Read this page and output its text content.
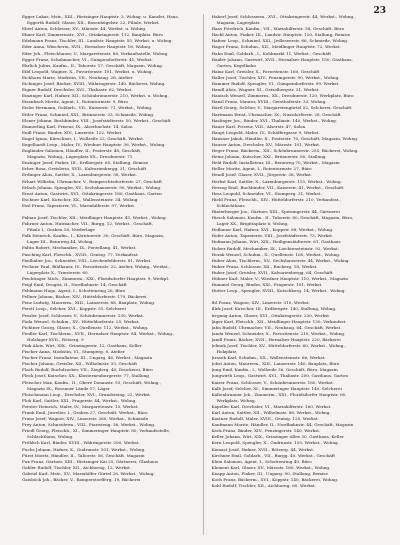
23
Egger Lukas, Mstr., XIII., Hietzinger Hauptstr. 3, Wohng. u. Kanzlei; Haus,
Eggerth Rudolf, Glaser, XII., Rosenhügelstr. 22, Filiale, Werkst.
Eberl Anton, Schlosser, XV., Märzstr. 44, Werkst. u. Wohng.
Ebner Karl, Zimmermstr., XVI., Ottakringerstr. 112, Bauplatz, Büro
Edelmann Franz, Tischler, III., Landstr. Hauptstr. 55, Werkst. u. Wohng.
Eder Anna, Wäscherin, XVII., Hernalser Hauptstr. 18, Wohng.
Eder Joh., Fleischhauer, V., Margaretenstr. 88, Verkaufsstelle, Wohng.
Egger Franz, Schuhmacher, VI., Gumpendorferstr. 41, Werkst.
Ehrlich Julius, Kaufm., II., Taborstr. 17, Geschäft, Magazin, Wohng.
Eibl Leopold, Wagner, X., Favoritenstr. 101, Werkst. u. Wohng.
Eichhorn Marie, Modistin, VII., Neubaug. 26, Atelier
Eichinger Josef, Bäcker, XVIII., Währingerstr. 140, Bäckerei, Wohng.
Eigner Rudolf, Drechsler, XVI., Thaliastr. 62, Werkst.
Einzinger Karl, Hafner, XII., Schönbrunnerstr. 210, Werkst. u. Wohng.
Eisenbach Moritz, Agent, I., Rotenturmstr. 9, Büro
Eisler Hermann, Goldarb., VII., Kaiserstr. 71, Werkst., Wohng.
Eitler Franz, Schmied, XXI., Brünnerstr. 33, Schmiede, Wohng.
Elsner Johann, Buchbinder, VIII., Josefstädterstr. 50, Werkst., Geschäft
Emmerling Karl, Friseur, IX., Alserbachstr. 14, Salon
Endl Franz, Binder, XIV., Linzerstr. 122, Werkst.
Engel Ignaz, Kürschner, I., Wollzeile 22, Geschäft, Werkst.
Engelhardt Leop., Maler, IV., Wiedner Hauptstr. 36, Werkst., Wohng.
Engländer Salomon, Händler, II., Praterstr. 48, Geschäft,
Magazin, Wohng., Lagerplatz XX., Dresdnerstr. 71
Enzinger Josef, Fiaker, III., Erdbergstr. 65, Stallung, Remise
Erber Rosa, Greislerin, XVII., Kalvarienbergg. 31, Geschäft
Erdinger Alois, Sattler, X., Laxenburgerstr. 58, Werkst.
Erhart Wilhelm, Uhrmacher, V., Reinprechtsdorferstr. 27, Geschäft
Erlach Johann, Spengler, XV., Sechshauserstr. 90, Werkst., Wohng.
Ernst Anton, Gastwirt, XVI., Ottakringerstr. 180, Gasthaus, Garten
Eschner Karl, Kutscher, XX., Wallensteinstr. 34, Wohng.
Essl Franz, Tapezierer, VI., Mariahilferstr. 97, Werkst.
Fabian Josef, Tischler, XII., Meidlinger Hauptstr. 45, Werkst., Wohng.
Fahrner Anton, Hutmacher, VII., Burgg. 12, Werkst., Geschäft,
Filiale I., Graben 18, Niederlage
Falk Heinrich, Kaufm., I., Kärntnerstr. 30, Geschäft, Büro, Magazin,
Lager III., Rennweg 44, Wohng.
Faltin Robert, Mechaniker, IX., Porzellang. 41, Werkst.
Fasching Karl, Fleischh., XVIII., Gentzg. 77, Verkaufsst.
Faulhaber Jos., Schneider, VIII., Lerchenfelderstr. 81, Werkst.
Fechner Paul, Bildhauer, IV., Favoritenstr. 22, Atelier, Wohng., Werkst.,
Lagerplatz X., Triesterstr. 60
Feichtinger Mich., Zimmerm., XXI., Floridsdorfer Hauptstr. 9, Werkpl.
Feigl Emil, Drogist, II., Nordbahnstr. 14, Geschäft
Feldmann Hugo, Agent, I., Schottenring 26, Büro
Fellner Johann, Bäcker, XIV., Hütteldorferstr. 170, Bäckerei
Fenz Ludwig, Maurerm., XIII., Lainzerstr. 88, Bauplatz, Wohng.
Ferstl Leop., Selcher, XVI., Koppstr. 51, Selcherei
Fessler Josef, Schlosser, V., Schönbrunnerstr. 130, Werkst.
Fiala Wenzel, Schuhm., XV., Hütteldorferstr. 25, Werkst.
Fichtner Georg, Glaser, X., Quellenstr. 112, Werkst., Wohng.
Fiedler Karl, Tischlerm., XVII., Hernalser Hauptstr. 84, Werkst., Wohng.,
Holzlager XVII., Rötzerg. 9
Fink Alois, Wirt, XIX., Grinzingerstr. 12, Gasthaus, Keller
Fischer Anna, Modistin, VI., Stumperg. 8, Atelier
Fischer Franz, Installateur, III., Ungarg. 46, Werkst., Magazin
Fischer Johann, Greisler, XII., Wilhelmstr. 33, Geschäft
Flach Rudolf, Buchdrucker, VII., Zieglerg. 40, Druckerei, Büro
Fleck Josef, Kutscher, XX., Klosterneuburgerstr. 77, Stallung
Fleischer Max, Kaufm., II., Obere Donaustr. 93, Geschäft, Wohng.,
Magazin IX., Rossauer Lände 17, Lager
Fleischmann Leop., Drechsler, XVI., Grundsteing. 22, Werkst.
Floh Karl, Sattler, XXI., Pragerstr. 44, Werkst., Wohng.
Forster Heinrich, Maler, IV., Margaretenstr. 15, Werkst.
Frank Emil, Juwelier, I., Graben 27, Geschäft, Werkst., Büro
Franz Josef, Wagner, XIV., Linzerstr. 260, Werkst., Schmiede
Frey Anton, Schneiderm., VIII., Piaristeng. 36, Werkst., Wohng.
Friedl Georg, Fleischh., XI., Simmeringer Hauptstr. 80, Verkaufsstelle,
Schlachthaus, Wohng.
Fröhlich Karl, Binder, XVIII., Währingerstr. 200, Werkst.
Fuchs Johann, Hafner, X., Gudrunstr. 101, Werkst., Wohng.
Fürst Moritz, Händler, II., Taborstr. 56, Geschäft, Magazin
Fux Franz, Gärtner, XIII., Hietzinger Kai 25, Gärtnerei, Glashaus
Gabler Rudolf, Tischler, XII., Aichhorng. 12, Werkst.
Gabriel Karl, Mstr., XV., Mariahilfer Gürtel 28, Werkst., Wohng.
Gaisböck Joh., Bäcker, V., Ramperstorfferg. 19, Bäckerei
Haberl Josef, Schlosserm., XVI., Ottakringerstr. 44, Werkst., Wohng.,
Magazin, Lagerplatz
Haas Friedrich, Kaufm., VII., Mariahilferstr. 58, Geschäft, Büro
Hackl Anton, Fiaker, III., Landstr. Hauptstr. 120, Stallung, Remise
Hafner Leop., Schmied, XXI., Jedleseerstr. 66, Schmiede, Wohng.
Hager Franz, Schuhm., XII., Meidlinger Hauptstr. 72, Werkst.
Hahn Emil, Goldarb., I., Kohlmarkt 11, Werkst., Geschäft
Haider Johann, Gastwirt, XVII., Hernalser Hauptstr. 150, Gasthaus,
Garten, Kegelbahn
Hainz Karl, Greisler, X., Favoritenstr. 160, Geschäft
Haller Josef, Tischler, XIV., Penzingerstr. 90, Werkst., Wohng.
Hammer Rudolf, Spengler, VI., Gumpendorferstr. 99, Werkst.
Handl Alois, Wagner, XI., Geiselbergstr. 31, Werkst.
Hanisch Wenzel, Zimmerm., XX., Dresdnerstr. 120, Werkplatz, Büro
Hansl Franz, Maurer, XVIII., Gersthoferstr. 33, Wohng.
Hartl Georg, Selcher, V., Margaretengürtel 52, Selcherei, Geschäft
Hartmann Ernst, Uhrmacher, IX., Nussdorferstr. 28, Geschäft
Haslinger Jos., Binder, XVI., Thaliastr. 140, Werkst., Wohng.
Hauer Karl, Friseur, VIII., Alserstr. 47, Salon
Haupt Leopold, Maler, IV., Schäffergasse 9, Werkst.
Hausner Jakob, Händler, II., Praterstr. 70, Geschäft, Magazin, Wohng.
Hauser Anton, Drechsler, XV., Märzstr. 101, Werkst.
Heger Franz, Bäckerm., XII., Schönbrunnerstr. 255, Bäckerei, Wohng.
Heinz Johann, Kutscher, XXI., Brünnerstr. 80, Stallung
Held Rudolf, Installateur, III., Rennweg 70, Werkst., Magazin
Heller Moritz, Agent, I., Rotenturmstr. 27, Büro
Hendl Josef, Glaser, XVII., Jörgerstr. 36, Werkst.
Herbst Karl, Sattler, X., Laxenburgerstr. 115, Werkst., Wohng.
Herzog Emil, Buchbinder, VII., Kaiserstr. 41, Werkst., Geschäft
Hess Leopold, Schneider, VI., Stumperg. 31, Werkst.
Hiebl Franz, Fleischh., XIV., Hütteldorferstr. 210, Verkaufsst.,
Schlachthaus
Hinterberger Jos., Gärtner, XIII., Speisingerstr. 44, Gärtnerei
Hirsch Salomon, Kaufm., II., Taborstr. 80, Geschäft, Magazin, Büro,
Lager XX., Brigittaplatz 6, Wohng.
Hofbauer Karl, Hafner, XVI., Koppstr. 88, Werkst., Wohng.
Hofer Anton, Tapezierer, VIII., Josefstädterstr. 73, Werkst.
Hofmann Johann, Wirt, XIX., Heiligenstädterstr. 61, Gasthaus
Holzer Rudolf, Mechaniker, IX., Liechtensteinstr. 92, Werkst.
Horak Wenzel, Schuhm., X., Quellenstr. 160, Werkst., Wohng.
Huber Alois, Tischlerm., XV., Sechshauserstr. 44, Werkst., Wohng.
Huber Franz, Schlosser, XII., Ruckerg. 18, Werkst.
Huber Josef, Greisler, XVII., Kalvarienbergg. 64, Geschäft
Hübner Karl, Maler, V., Wiedner Hauptstr. 110, Werkst., Magazin
Hummel Georg, Binder, XXI., Pragerstr. 101, Werkst.
Hutter Leop., Spengler, XVIII., Kutschkerg. 14, Werkst., Wohng.
Ibl Franz, Wagner, XIV., Linzerstr. 310, Werkst.
Illek Josef, Kutscher, III., Erdbergstr. 140, Stallung, Wohng.
Irrgang Anton, Glaser, XVI., Ottakringerstr. 230, Werkst.
Jäger Karl, Fleischh., XII., Meidlinger Hauptstr. 130, Verkaufsst.
Jahn Rudolf, Uhrmacher, VII., Neubaug. 64, Geschäft, Werkst.
Janda Wenzel, Schneider, X., Favoritenstr. 210, Werkst., Wohng.
Jandl Franz, Bäcker, XVII., Hernalser Hauptstr. 220, Bäckerei
Jelinek Josef, Tischler, XV., Hütteldorferstr. 60, Werkst., Wohng.,
Holzplatz
Jirasek Karl, Schuhm., XX., Wallensteinstr. 66, Werkst.
Jobst Anton, Maurerm., XIII., Lainzerstr. 140, Bauplatz, Büro
Jung Emil, Kaufm., I., Wollzeile 36, Geschäft, Büro, Magazin
Jungwirth Leop., Gastwirt, XVI., Thaliastr. 200, Gasthaus, Garten
Kaiser Franz, Schlosser, V., Schönbrunnerstr. 180, Werkst.
Kalb Josef, Selcher, XI., Simmeringer Hauptstr. 140, Selcherei
Kaltenbrunner Joh., Zimmerm., XXI., Floridsdorfer Hauptstr. 60,
Werkplatz, Wohng.
Kapeller Karl, Drechsler, VI., Mariahilferstr. 160, Werkst.
Karl Anton, Sattler, XII., Wilhelmstr. 88, Werkst., Wohng.
Kastner Rudolf, Maler, XVIII., Gentzg. 120, Werkst.
Kaufmann Moritz, Händler, II., Nordbahnstr. 44, Geschäft, Magazin
Keck Franz, Binder, XIV., Penzingerstr. 140, Werkst.
Keller Johann, Wirt, XIX., Grinzinger Allee 30, Gasthaus, Keller
Kern Leopold, Spengler, X., Gudrunstr. 150, Werkst., Wohng.
Kienast Josef, Hafner, XVII., Rötzerg. 44, Werkst.
Kirchner Emil, Goldarb., VII., Burgg. 40, Werkst., Geschäft
Klein Salomon, Agent, I., Schottenring 40, Büro
Klement Karl, Glaser, XV., Märzstr. 160, Werkst., Wohng.
Knapp Anton, Fiaker, III., Ungarg. 90, Stallung, Remise
Koch Franz, Bäckerm., XVI., Koppstr. 140, Bäckerei, Wohng.
Kohl Rudolf, Tischler, XII., Aichhorng. 60, Werkst.
